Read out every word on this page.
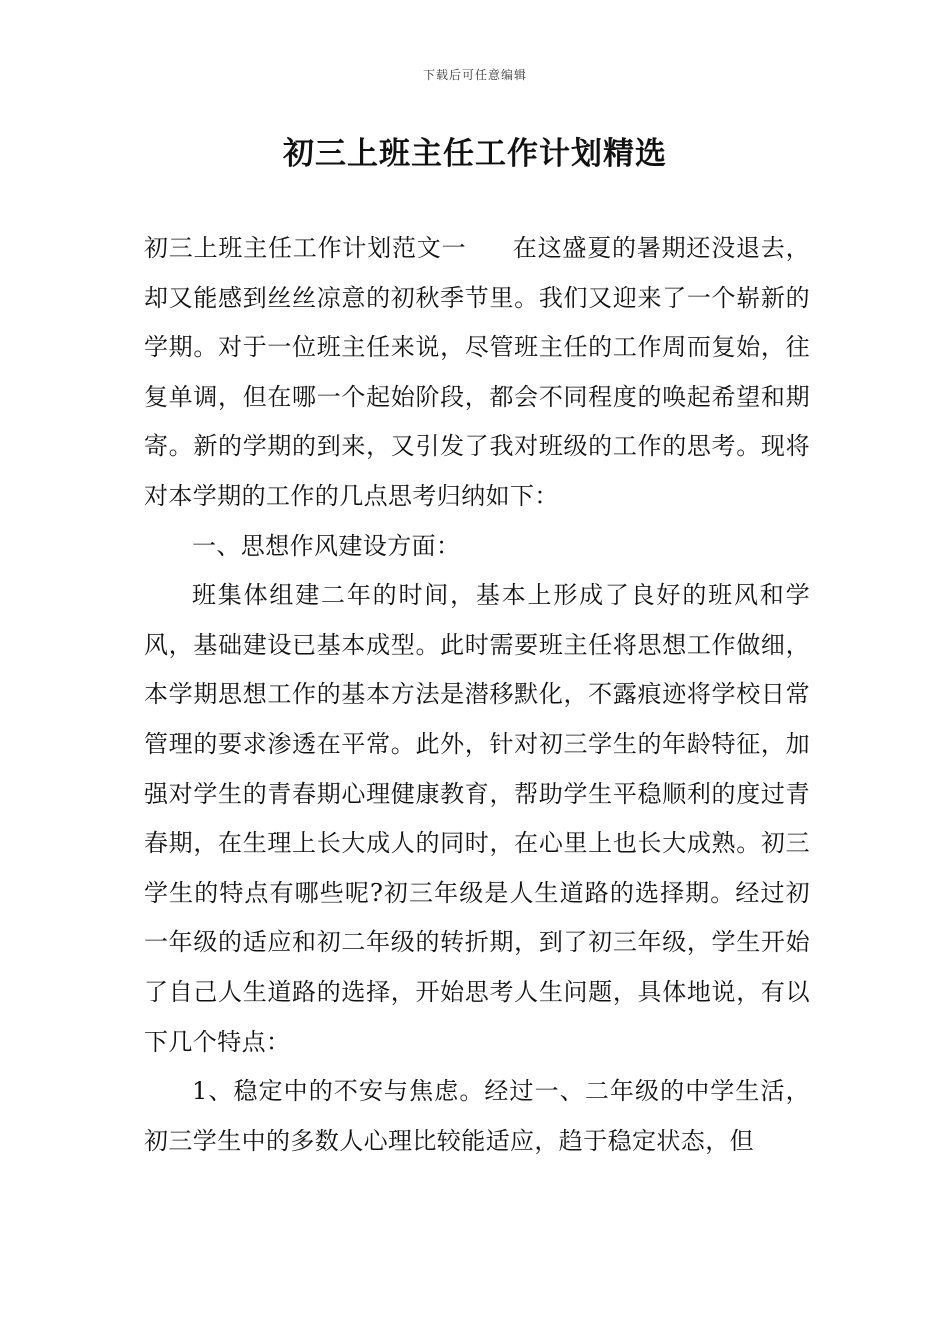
下载后可任意编辑
初三上班主任工作计划精选

初三上班主任工作计划范文一 在这盛夏的暑期还没退去，却又能感到丝丝凉意的初秋季节里。我们又迎来了一个崭新的学期。对于一位班主任来说，尽管班主任的工作周而复始，往复单调，但在哪一个起始阶段，都会不同程度的唤起希望和期寄。新的学期的到来，又引发了我对班级的工作的思考。现将对本学期的工作的几点思考归纳如下：

一、思想作风建设方面：

班集体组建二年的时间，基本上形成了良好的班风和学风，基础建设已基本成型。此时需要班主任将思想工作做细，本学期思想工作的基本方法是潜移默化，不露痕迹将学校日常管理的要求渗透在平常。此外，针对初三学生的年龄特征，加强对学生的青春期心理健康教育，帮助学生平稳顺利的度过青春期，在生理上长大成人的同时，在心里上也长大成熟。初三学生的特点有哪些呢?初三年级是人生道路的选择期。经过初一年级的适应和初二年级的转折期，到了初三年级，学生开始了自己人生道路的选择，开始思考人生问题，具体地说，有以下几个特点：

1、稳定中的不安与焦虑。经过一、二年级的中学生活，初三学生中的多数人心理比较能适应，趋于稳定状态，但
